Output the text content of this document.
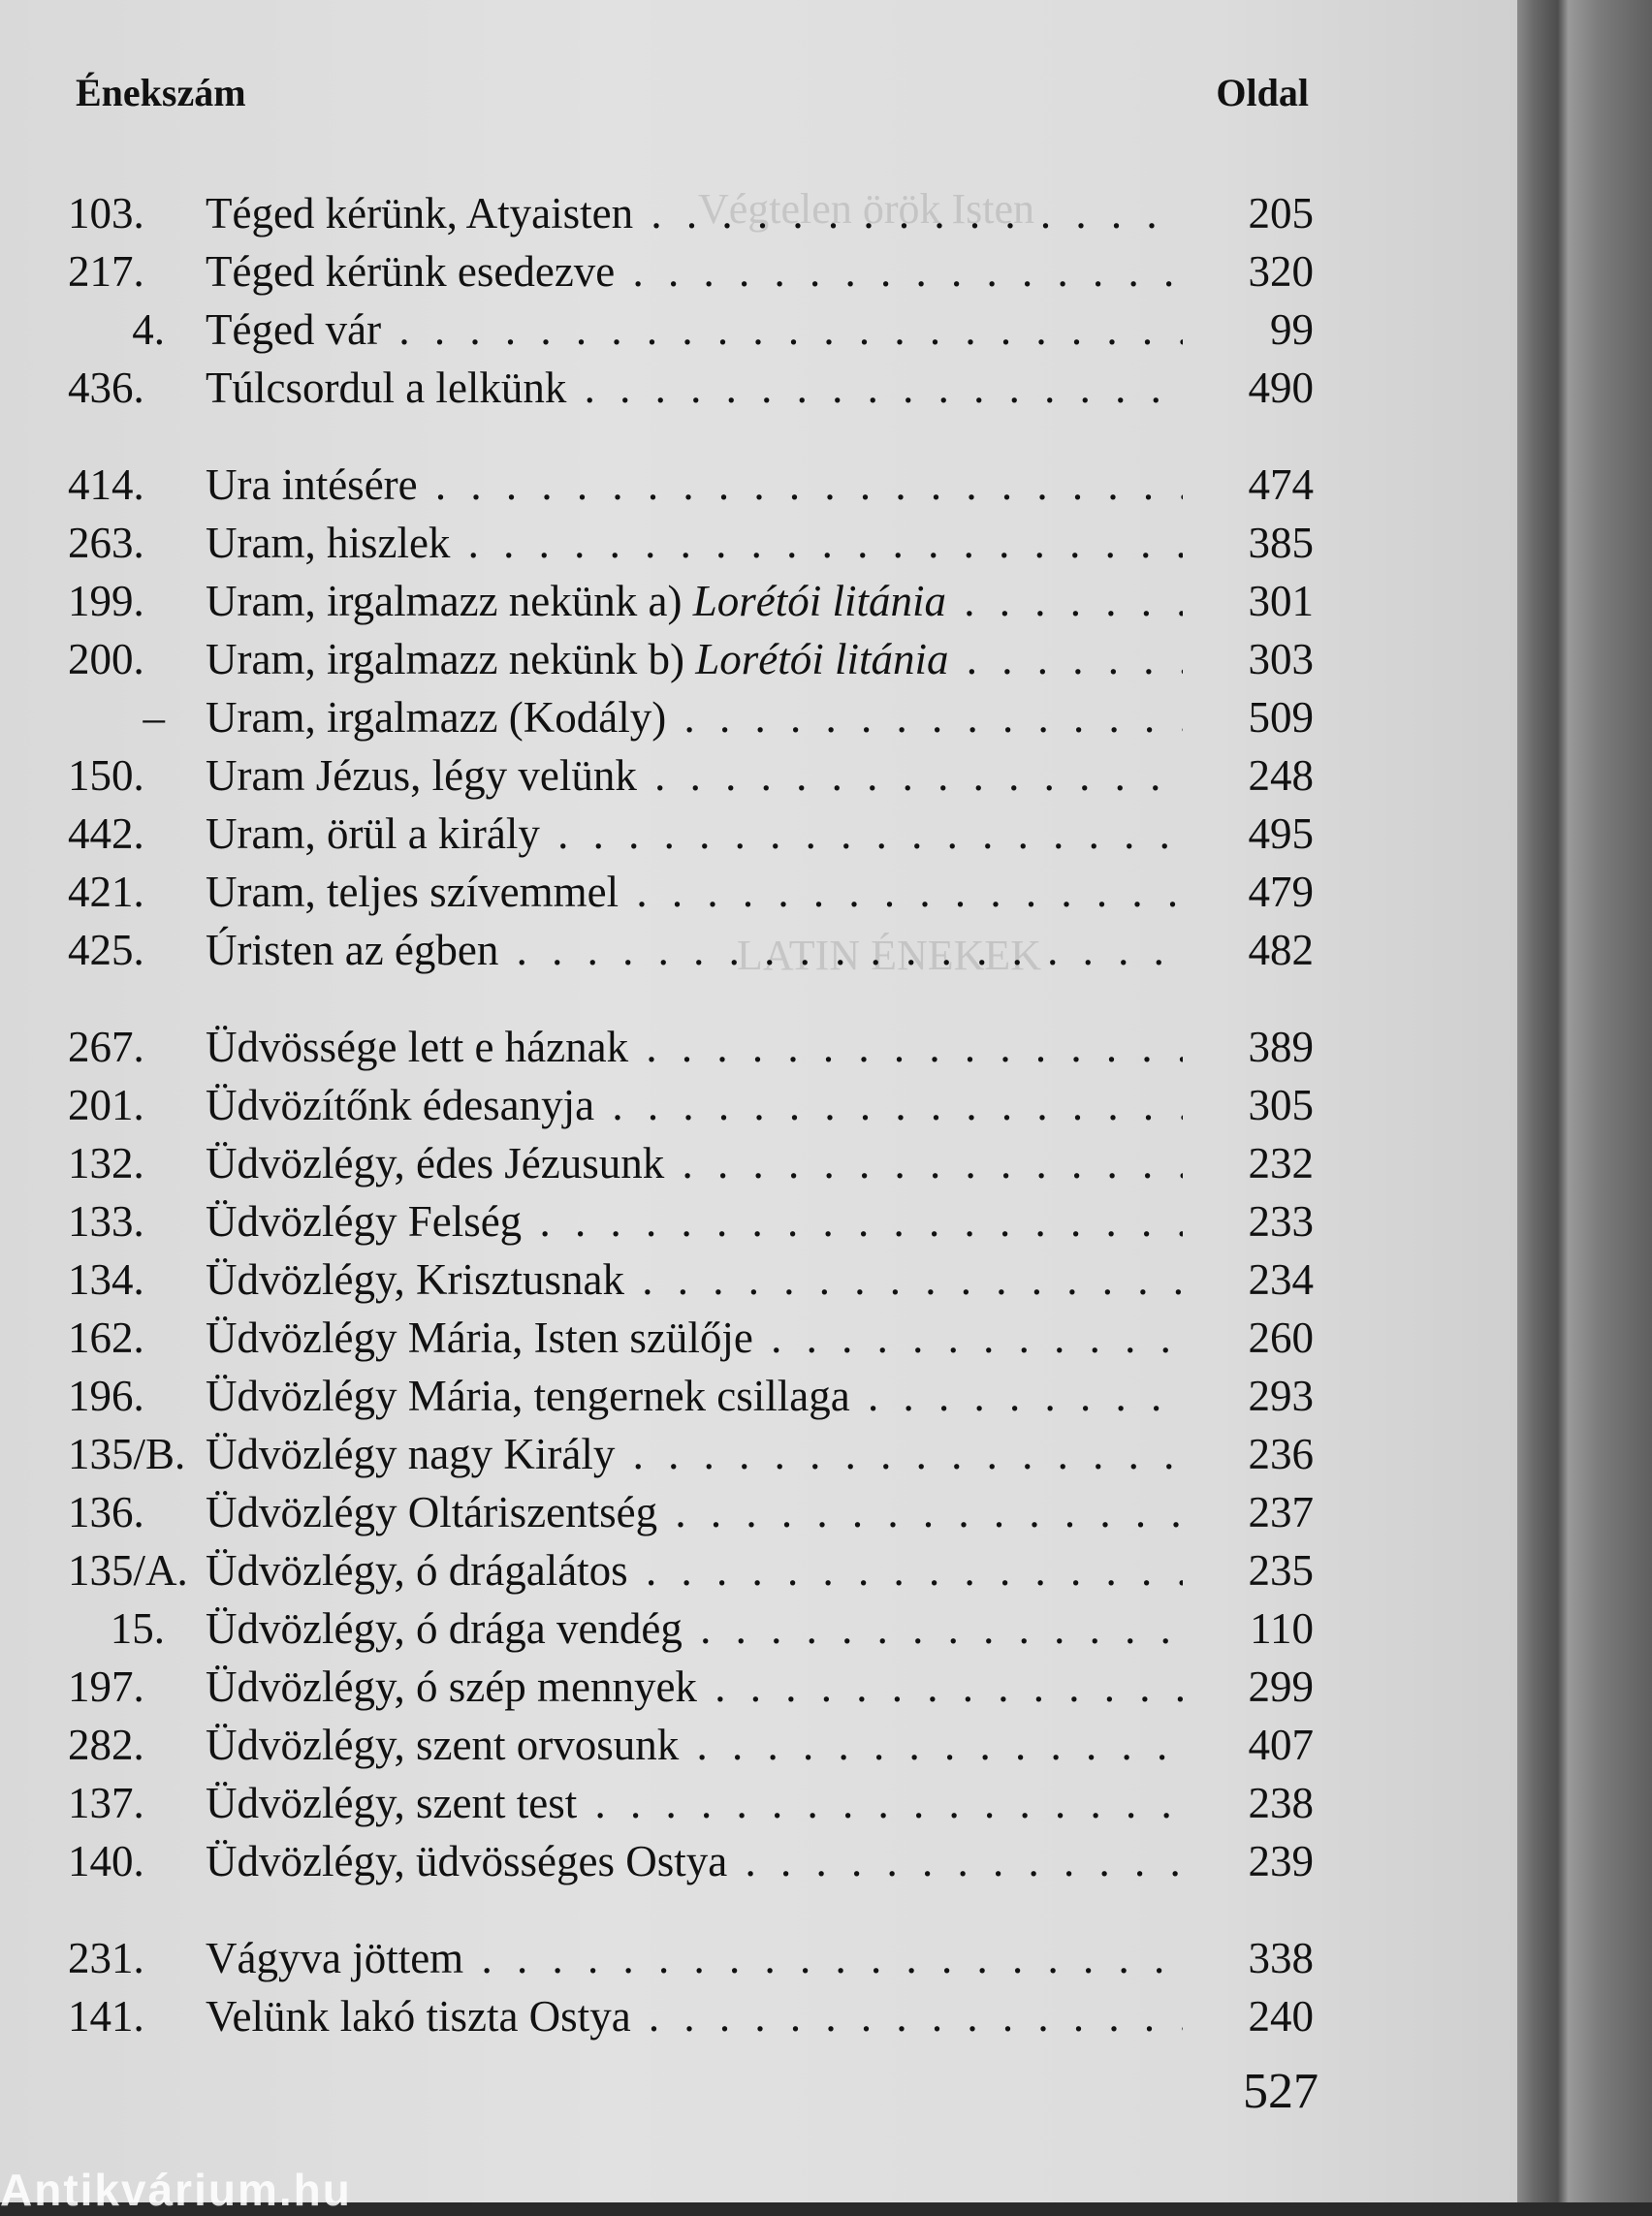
Végtelen örök Isten
LATIN ÉNEKEK
Énekszám	Oldal
103.	Téged kérünk, Atyaisten . . .	205
217.	Téged kérünk esedezve . . .	320
4. Téged vár . . .	99
436.	Túlcsordul a lelkünk . . .	490
414.	Ura intésére . . .	474
263.	Uram, hiszlek . . .	385
199.	Uram, irgalmazz nekünk a) Lorétói litánia . . .	301
200.	Uram, irgalmazz nekünk b) Lorétói litánia . . .	303
– Uram, irgalmazz (Kodály) . . .	509
150.	Uram Jézus, légy velünk . . .	248
442.	Uram, örül a király . . .	495
421.	Uram, teljes szívemmel . . .	479
425.	Úristen az égben . . .	482
267.	Üdvössége lett e háznak . . .	389
201.	Üdvözítőnk édesanyja . . .	305
132.	Üdvözlégy, édes Jézusunk . . .	232
133.	Üdvözlégy Felség . . .	233
134.	Üdvözlégy, Krisztusnak . . .	234
162.	Üdvözlégy Mária, Isten szülője . . .	260
196.	Üdvözlégy Mária, tengernek csillaga . . .	293
135/B. Üdvözlégy nagy Király . . .	236
136.	Üdvözlégy Oltáriszentség . . .	237
135/A. Üdvözlégy, ó drágalátos . . .	235
15. Üdvözlégy, ó drága vendég . . .	110
197.	Üdvözlégy, ó szép mennyek . . .	299
282.	Üdvözlégy, szent orvosunk . . .	407
137.	Üdvözlégy, szent test . . .	238
140.	Üdvözlégy, üdvösséges Ostya . . .	239
231.	Vágyva jöttem . . .	338
141.	Velünk lakó tiszta Ostya . . .	240
527
Antikvárium.hu
